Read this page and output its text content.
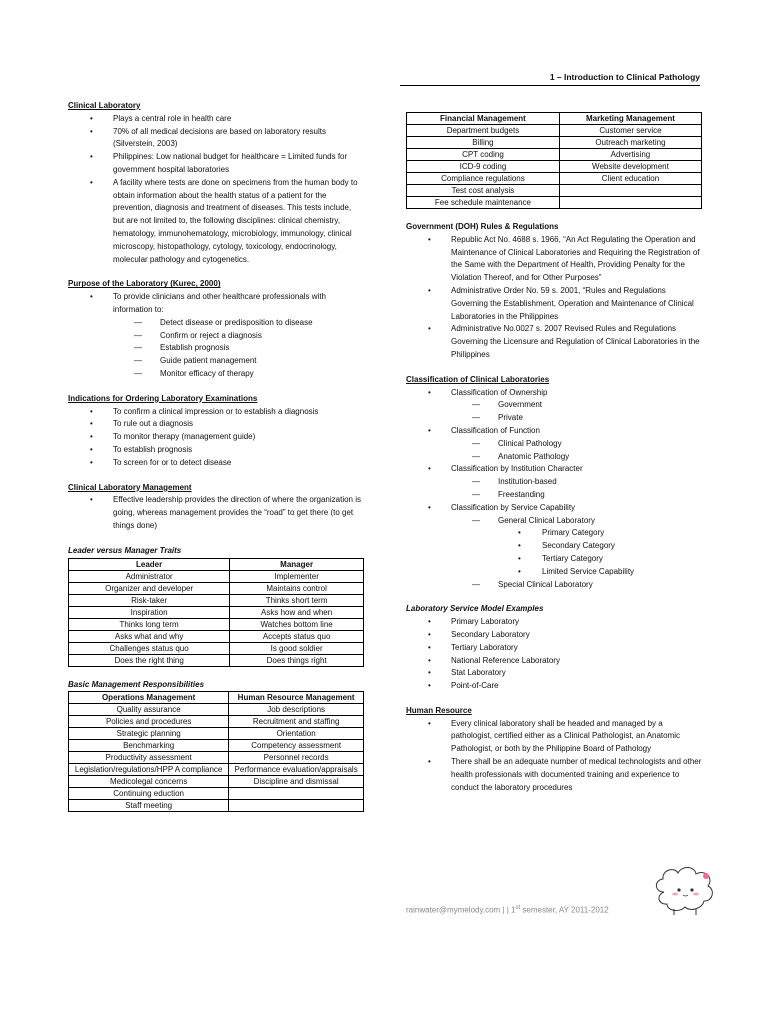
1 – Introduction to Clinical Pathology
Clinical Laboratory
• Plays a central role in health care
• 70% of all medical decisions are based on laboratory results (Silverstein, 2003)
• Philippines: Low national budget for healthcare = Limited funds for government hospital laboratories
• A facility where tests are done on specimens from the human body to obtain information about the health status of a patient for the prevention, diagnosis and treatment of diseases. This tests include, but are not limited to, the following disciplines: clinical chemistry, hematology, immunohematology, microbiology, immunology, clinical microscopy, histopathology, cytology, toxicology, endocrinology, molecular pathology and cytogenetics.
Purpose of the Laboratory (Kurec, 2000)
• To provide clinicians and other healthcare professionals with information to:
— Detect disease or predisposition to disease
— Confirm or reject a diagnosis
— Establish prognosis
— Guide patient management
— Monitor efficacy of therapy
Indications for Ordering Laboratory Examinations
• To confirm a clinical impression or to establish a diagnosis
• To rule out a diagnosis
• To monitor therapy (management guide)
• To establish prognosis
• To screen for or to detect disease
Clinical Laboratory Management
• Effective leadership provides the direction of where the organization is going, whereas management provides the “road” to get there (to get things done)
Leader versus Manager Traits
Leader	Manager
Administrator	Implementer
Organizer and developer	Maintains control
Risk-taker	Thinks short term
Inspiration	Asks how and when
Thinks long term	Watches bottom line
Asks what and why	Accepts status quo
Challenges status quo	Is good soldier
Does the right thing	Does things right
Basic Management Responsibilities
Operations Management	Human Resource Management
Quality assurance	Job descriptions
Policies and procedures	Recruitment and staffing
Strategic planning	Orientation
Benchmarking	Competency assessment
Productivity assessment	Personnel records
Legislation/regulations/HPP A compliance	Performance evaluation/appraisals
Medicolegal concerns	Discipline and dismissal
Continuing eduction	
Staff meeting	
Financial Management	Marketing Management
Department budgets	Customer service
Billing	Outreach marketing
CPT coding	Advertising
ICD-9 coding	Website development
Compliance regulations	Client education
Test cost analysis	
Fee schedule maintenance	
Government (DOH) Rules & Regulations
• Republic Act No. 4688 s. 1966, “An Act Regulating the Operation and Maintenance of Clinical Laboratories and Requiring the Registration of the Same with the Department of Health, Providing Penalty for the Violation Thereof, and for Other Purposes”
• Administrative Order No. 59 s. 2001, “Rules and Regulations Governing the Establishment, Operation and Maintenance of Clinical Laboratories in the Philippines
• Administrative No.0027 s. 2007 Revised Rules and Regulations Governing the Licensure and Regulation of Clinical Laboratories in the Philippines
Classification of Clinical Laboratories
• Classification of Ownership
— Government
— Private
• Classification of Function
— Clinical Pathology
— Anatomic Pathology
• Classification by Institution Character
— Institution-based
— Freestanding
• Classification by Service Capability
— General Clinical Laboratory
• Primary Category
• Secondary Category
• Tertiary Category
• Limited Service Capability
— Special Clinical Laboratory
Laboratory Service Model Examples
• Primary Laboratory
• Secondary Laboratory
• Tertiary Laboratory
• National Reference Laboratory
• Stat Laboratory
• Point-of-Care
Human Resource
• Every clinical laboratory shall be headed and managed by a pathologist, certified either as a Clinical Pathologist, an Anatomic Pathologist, or both by the Philippine Board of Pathology
• There shall be an adequate number of medical technologists and other health professionals with documented training and experience to conduct the laboratory procedures
rainwater@mymelody.com | | 1st semester, AY 2011-2012
